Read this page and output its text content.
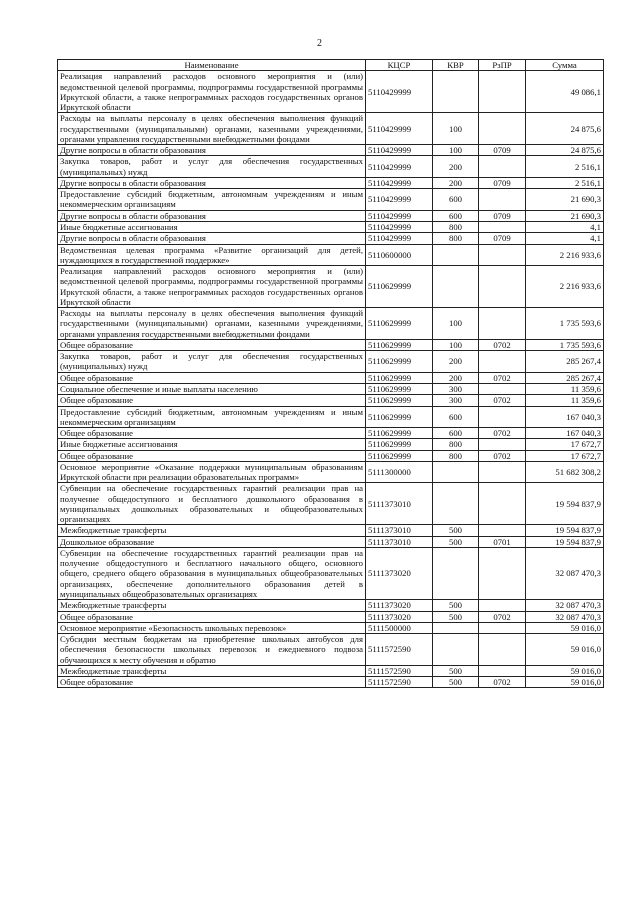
2
Наименование	КЦСР	КВР	РзПР	Сумма
Реализация направлений расходов основного мероприятия и (или) ведомственной целевой программы, подпрограммы государственной программы Иркутской области, а также непрограммных расходов государственных органов Иркутской области	5110429999			49 086,1
Расходы на выплаты персоналу в целях обеспечения выполнения функций государственными (муниципальными) органами, казенными учреждениями, органами управления государственными внебюджетными фондами	5110429999	100		24 875,6
Другие вопросы в области образования	5110429999	100	0709	24 875,6
Закупка товаров, работ и услуг для обеспечения государственных (муниципальных) нужд	5110429999	200		2 516,1
Другие вопросы в области образования	5110429999	200	0709	2 516,1
Предоставление субсидий бюджетным, автономным учреждениям и иным некоммерческим организациям	5110429999	600		21 690,3
Другие вопросы в области образования	5110429999	600	0709	21 690,3
Иные бюджетные ассигнования	5110429999	800		4,1
Другие вопросы в области образования	5110429999	800	0709	4,1
Ведомственная целевая программа «Развитие организаций для детей, нуждающихся в государственной поддержке»	5110600000			2 216 933,6
Реализация направлений расходов основного мероприятия и (или) ведомственной целевой программы, подпрограммы государственной программы Иркутской области, а также непрограммных расходов государственных органов Иркутской области	5110629999			2 216 933,6
Расходы на выплаты персоналу в целях обеспечения выполнения функций государственными (муниципальными) органами, казенными учреждениями, органами управления государственными внебюджетными фондами	5110629999	100		1 735 593,6
Общее образование	5110629999	100	0702	1 735 593,6
Закупка товаров, работ и услуг для обеспечения государственных (муниципальных) нужд	5110629999	200		285 267,4
Общее образование	5110629999	200	0702	285 267,4
Социальное обеспечение и иные выплаты населению	5110629999	300		11 359,6
Общее образование	5110629999	300	0702	11 359,6
Предоставление субсидий бюджетным, автономным учреждениям и иным некоммерческим организациям	5110629999	600		167 040,3
Общее образование	5110629999	600	0702	167 040,3
Иные бюджетные ассигнования	5110629999	800		17 672,7
Общее образование	5110629999	800	0702	17 672,7
Основное мероприятие «Оказание поддержки муниципальным образованиям Иркутской области при реализации образовательных программ»	5111300000			51 682 308,2
Субвенции на обеспечение государственных гарантий реализации прав на получение общедоступного и бесплатного дошкольного образования в муниципальных дошкольных образовательных и общеобразовательных организациях	5111373010			19 594 837,9
Межбюджетные трансферты	5111373010	500		19 594 837,9
Дошкольное образование	5111373010	500	0701	19 594 837,9
Субвенции на обеспечение государственных гарантий реализации прав на получение общедоступного и бесплатного начального общего, основного общего, среднего общего образования в муниципальных общеобразовательных организациях, обеспечение дополнительного образования детей в муниципальных общеобразовательных организациях	5111373020			32 087 470,3
Межбюджетные трансферты	5111373020	500		32 087 470,3
Общее образование	5111373020	500	0702	32 087 470,3
Основное мероприятие «Безопасность школьных перевозок»	5111500000			59 016,0
Субсидии местным бюджетам на приобретение школьных автобусов для обеспечения безопасности школьных перевозок и ежедневного подвоза обучающихся к месту обучения и обратно	5111572590			59 016,0
Межбюджетные трансферты	5111572590	500		59 016,0
Общее образование	5111572590	500	0702	59 016,0
